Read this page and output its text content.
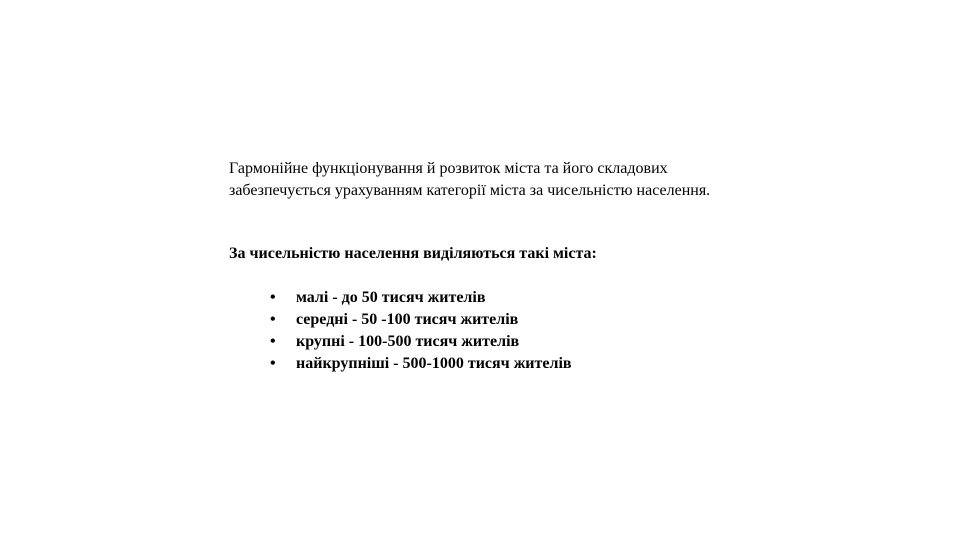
Гармонійне функціонування й розвиток міста та його складових

забезпечується урахуванням категорії міста за чисельністю населення.

За чисельністю населення виділяються такі міста:
•	малі - до 50 тисяч жителів
•	середні - 50 -100 тисяч жителів
•	крупні - 100-500 тисяч жителів
•	найкрупніші - 500-1000 тисяч жителів
